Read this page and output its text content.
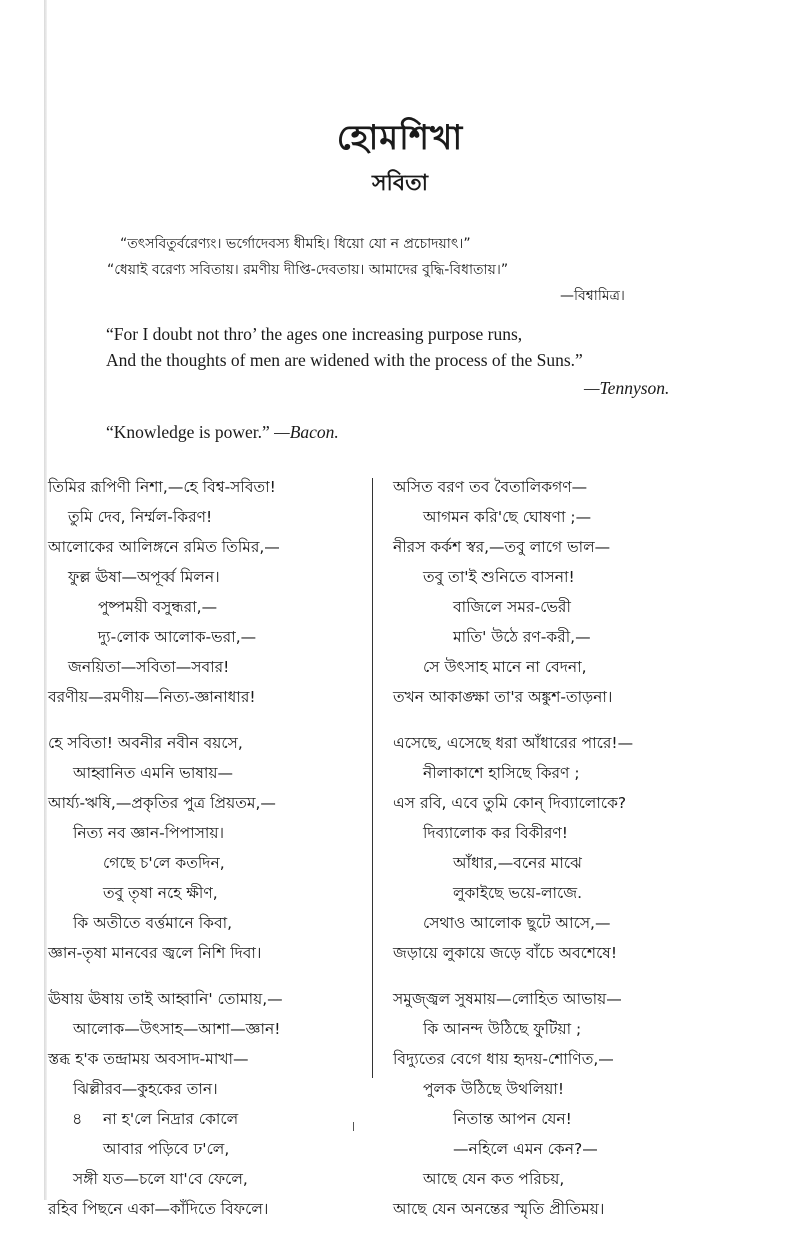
হোমশিখা
সবিতা
“তৎসবিতুর্বরেণ্যং। ভর্গোদেবস্য ধীমহি। ধিয়ো যো ন প্রচোদয়াৎ।”
“ধেয়াই বরেণ্য সবিতায়। রমণীয় দীপ্তি-দেবতায়। আমাদের বুদ্ধি-বিধাতায়।”
—বিশ্বামিত্র।
“For I doubt not thro’ the ages one increasing purpose runs,
And the thoughts of men are widened with the process of the Suns.”
—Tennyson.
“Knowledge is power.” —Bacon.
তিমির রূপিণী নিশা,—হে বিশ্ব-সবিতা!
তুমি দেব, নির্ম্মল-কিরণ!
আলোকের আলিঙ্গনে রমিত তিমির,—
ফুল্ল ঊষা—অপূর্ব্ব মিলন।
পুষ্পময়ী বসুন্ধরা,—
দ্যু-লোক আলোক-ভরা,—
জনয়িতা—সবিতা—সবার!
বরণীয়—রমণীয়—নিত্য-জ্ঞানাধার!
হে সবিতা! অবনীর নবীন বয়সে,
আহ্বানিত এমনি ভাষায়—
আর্য্য-ঋষি,—প্রকৃতির পুত্র প্রিয়তম,—
নিত্য নব জ্ঞান-পিপাসায়।
গেছে চ'লে কতদিন,
তবু তৃষা নহে ক্ষীণ,
কি অতীতে বর্ত্তমানে কিবা,
জ্ঞান-তৃষা মানবের জ্বলে নিশি দিবা।
ঊষায় ঊষায় তাই আহ্বানি' তোমায়,—
আলোক—উৎসাহ—আশা—জ্ঞান!
স্তব্ধ হ'ক তন্দ্রাময় অবসাদ-মাখা—
ঝিল্লীরব—কুহকের তান।
না হ'লে নিদ্রার কোলে
আবার পড়িবে ঢ'লে,
সঙ্গী যত—চলে যা'বে ফেলে,
রহিব পিছনে একা—কাঁদিতে বিফলে।
অসিত বরণ তব বৈতালিকগণ—
আগমন করি'ছে ঘোষণা ;—
নীরস কর্কশ স্বর,—তবু লাগে ভাল—
তবু তা'ই শুনিতে বাসনা!
বাজিলে সমর-ভেরী
মাতি' উঠে রণ-করী,—
সে উৎসাহ মানে না বেদনা,
তখন আকাঙ্ক্ষা তা'র অঙ্কুশ-তাড়না।
এসেছে, এসেছে ধরা আঁধারের পারে!—
নীলাকাশে হাসিছে কিরণ ;
এস রবি, এবে তুমি কোন্ দিব্যালোকে?
দিব্যালোক কর বিকীরণ!
আঁধার,—বনের মাঝে
লুকাইছে ভয়ে-লাজে.
সেথাও আলোক ছুটে আসে,—
জড়ায়ে লুকায়ে জড়ে বাঁচে অবশেষে!
সমুজ্জ্বল সুষমায়—লোহিত আভায়—
কি আনন্দ উঠিছে ফুটিয়া ;
বিদ্যুতের বেগে ধায় হৃদয়-শোণিত,—
পুলক উঠিছে উথলিয়া!
নিতান্ত আপন যেন!
—নহিলে এমন কেন?—
আছে যেন কত পরিচয়,
আছে যেন অনন্তের স্মৃতি প্রীতিময়।
৪
